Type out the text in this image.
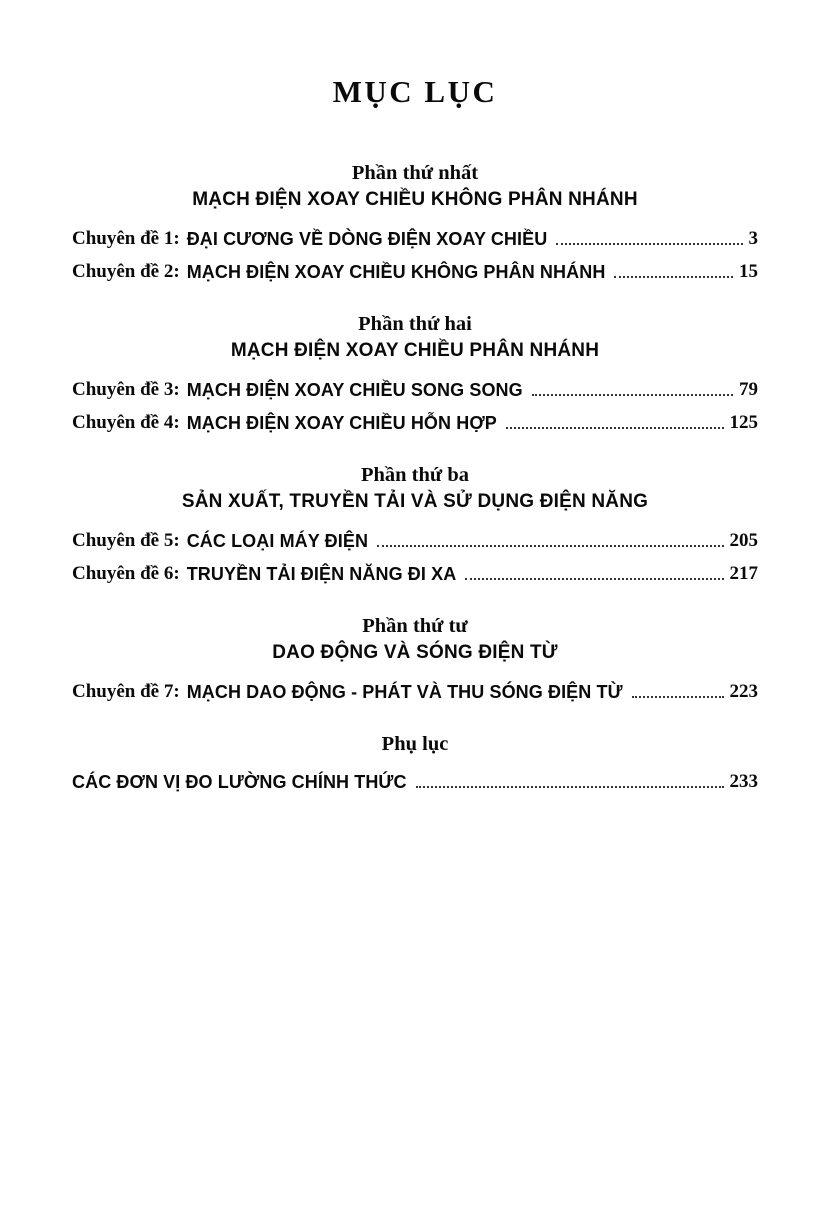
MỤC LỤC
Phần thứ nhất
MẠCH ĐIỆN XOAY CHIỀU KHÔNG PHÂN NHÁNH
Chuyên đề 1: ĐẠI CƯƠNG VỀ DÒNG ĐIỆN XOAY CHIỀU	3
Chuyên đề 2: MẠCH ĐIỆN XOAY CHIỀU KHÔNG PHÂN NHÁNH	15
Phần thứ hai
MẠCH ĐIỆN XOAY CHIỀU PHÂN NHÁNH
Chuyên đề 3: MẠCH ĐIỆN XOAY CHIỀU SONG SONG	79
Chuyên đề 4: MẠCH ĐIỆN XOAY CHIỀU HỖN HỢP	125
Phần thứ ba
SẢN XUẤT, TRUYỀN TẢI VÀ SỬ DỤNG ĐIỆN NĂNG
Chuyên đề 5: CÁC LOẠI MÁY ĐIỆN	205
Chuyên đề 6: TRUYỀN TẢI ĐIỆN NĂNG ĐI XA	217
Phần thứ tư
DAO ĐỘNG VÀ SÓNG ĐIỆN TỪ
Chuyên đề 7: MẠCH DAO ĐỘNG - PHÁT VÀ THU SÓNG ĐIỆN TỪ	223
Phụ lục
CÁC ĐƠN VỊ ĐO LƯỜNG CHÍNH THỨC	233
